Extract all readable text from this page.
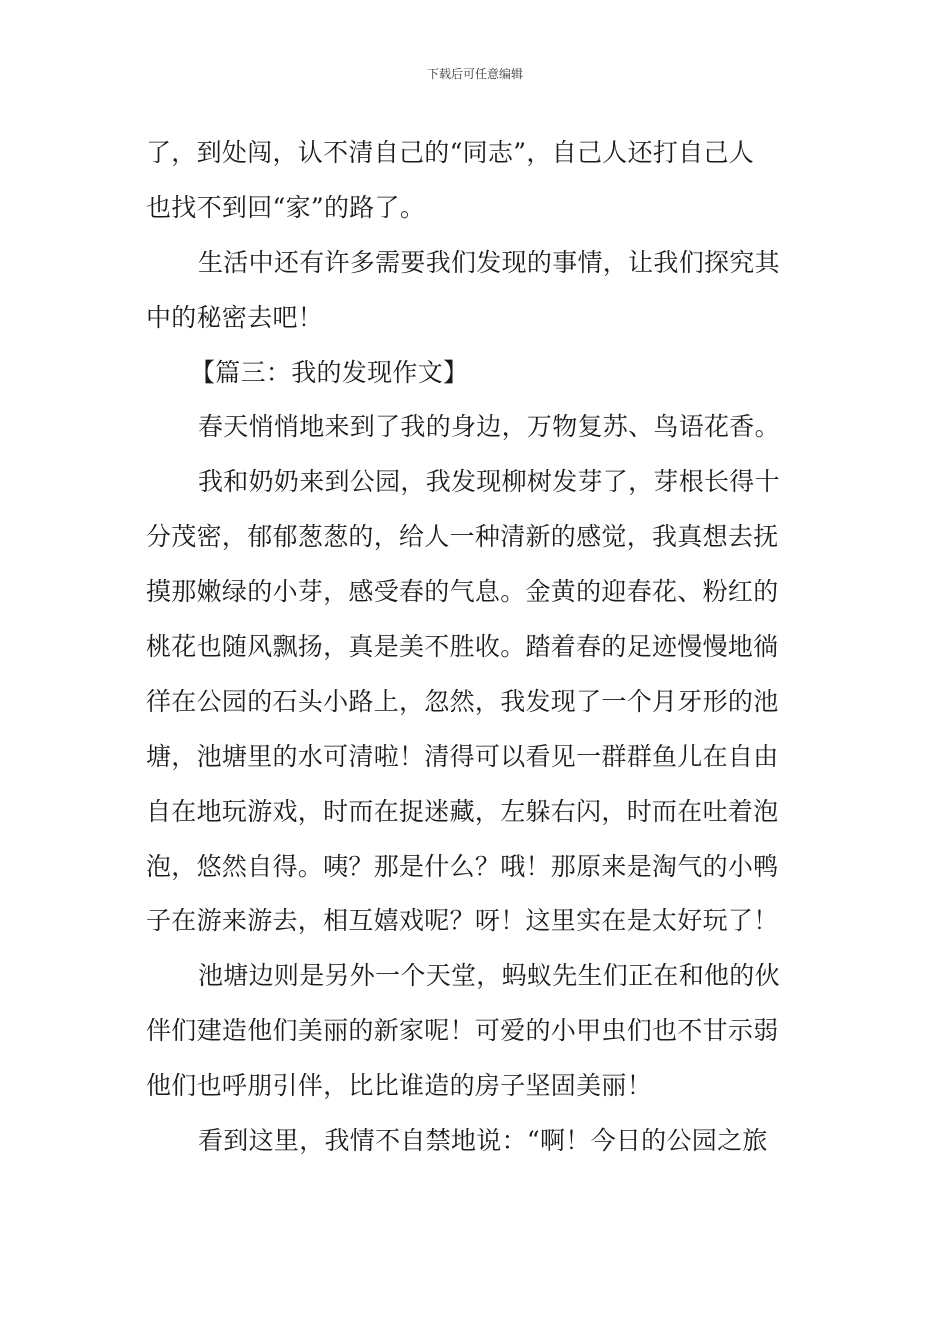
下载后可任意编辑
了，到处闯，认不清自己的“同志”，自己人还打自己人
也找不到回“家”的路了。
生活中还有许多需要我们发现的事情，让我们探究其
中的秘密去吧！
【篇三：我的发现作文】
春天悄悄地来到了我的身边，万物复苏、鸟语花香。
我和奶奶来到公园，我发现柳树发芽了，芽根长得十
分茂密，郁郁葱葱的，给人一种清新的感觉，我真想去抚
摸那嫩绿的小芽，感受春的气息。金黄的迎春花、粉红的
桃花也随风飘扬，真是美不胜收。踏着春的足迹慢慢地徜
徉在公园的石头小路上，忽然，我发现了一个月牙形的池
塘，池塘里的水可清啦！清得可以看见一群群鱼儿在自由
自在地玩游戏，时而在捉迷藏，左躲右闪，时而在吐着泡
泡，悠然自得。咦？那是什么？哦！那原来是淘气的小鸭
子在游来游去，相互嬉戏呢？呀！这里实在是太好玩了！
池塘边则是另外一个天堂，蚂蚁先生们正在和他的伙
伴们建造他们美丽的新家呢！可爱的小甲虫们也不甘示弱
他们也呼朋引伴，比比谁造的房子坚固美丽！
看到这里，我情不自禁地说：“啊！今日的公园之旅
